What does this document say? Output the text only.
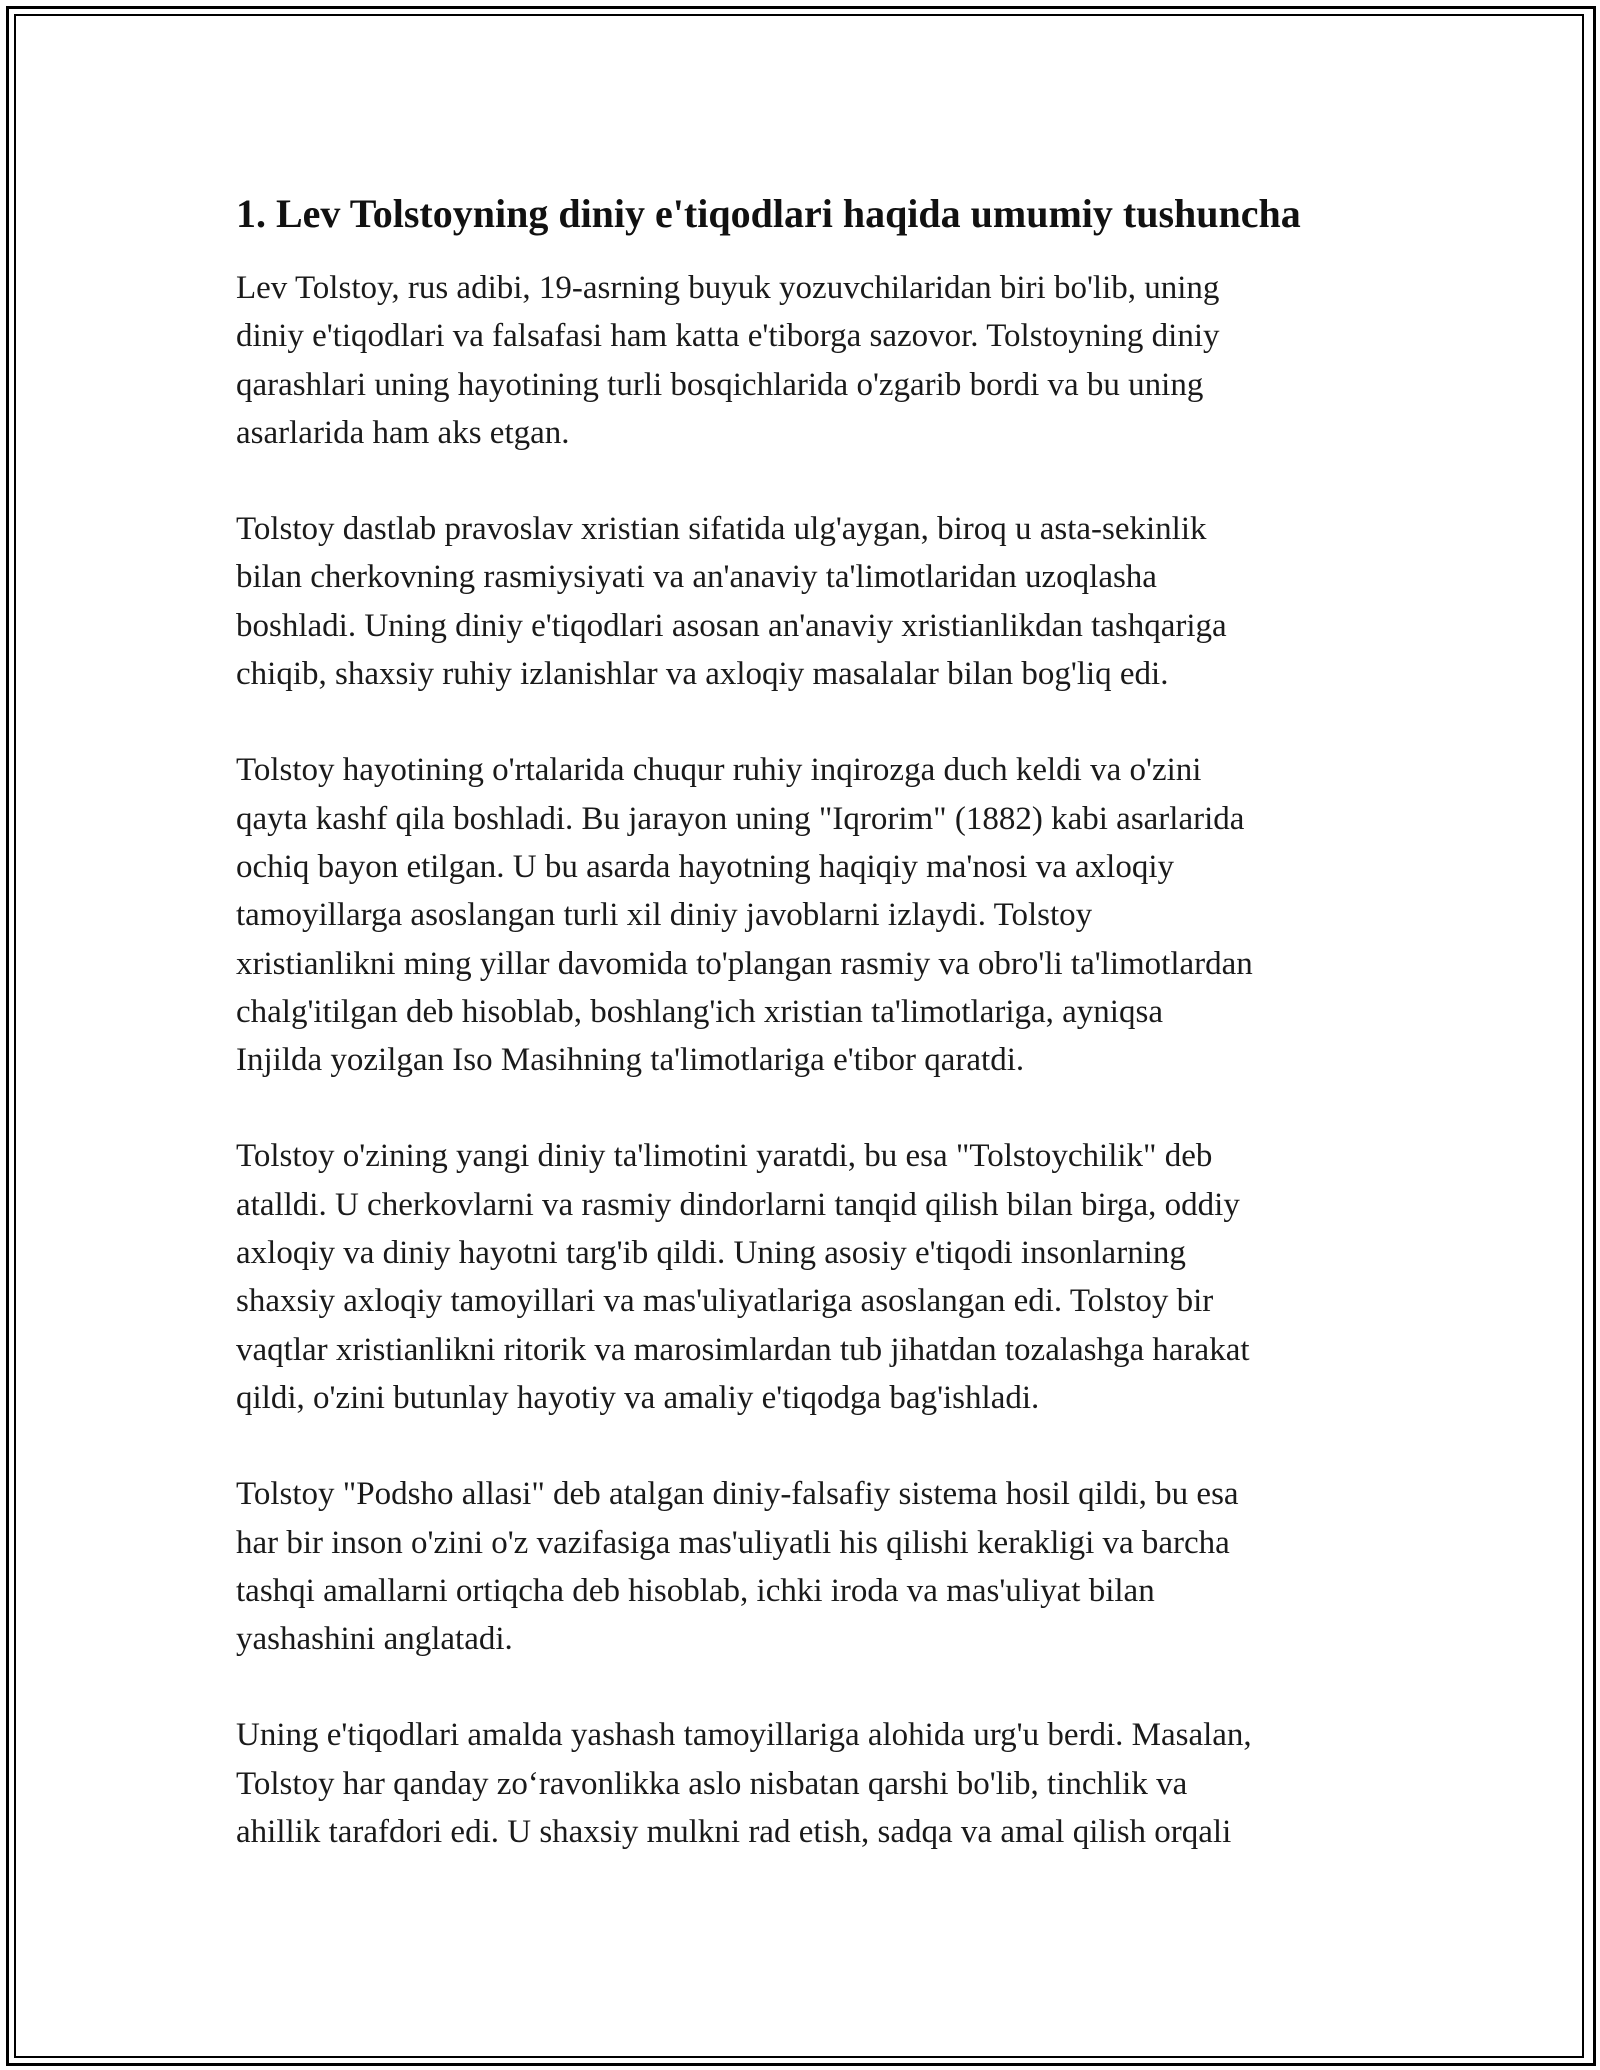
1. Lev Tolstoyning diniy e'tiqodlari haqida umumiy tushuncha

Lev Tolstoy, rus adibi, 19-asrning buyuk yozuvchilaridan biri bo'lib, uning
diniy e'tiqodlari va falsafasi ham katta e'tiborga sazovor. Tolstoyning diniy
qarashlari uning hayotining turli bosqichlarida o'zgarib bordi va bu uning
asarlarida ham aks etgan.

Tolstoy dastlab pravoslav xristian sifatida ulg'aygan, biroq u asta-sekinlik
bilan cherkovning rasmiysiyati va an'anaviy ta'limotlaridan uzoqlasha
boshladi. Uning diniy e'tiqodlari asosan an'anaviy xristianlikdan tashqariga
chiqib, shaxsiy ruhiy izlanishlar va axloqiy masalalar bilan bog'liq edi.

Tolstoy hayotining o'rtalarida chuqur ruhiy inqirozga duch keldi va o'zini
qayta kashf qila boshladi. Bu jarayon uning "Iqrorim" (1882) kabi asarlarida
ochiq bayon etilgan. U bu asarda hayotning haqiqiy ma'nosi va axloqiy
tamoyillarga asoslangan turli xil diniy javoblarni izlaydi. Tolstoy
xristianlikni ming yillar davomida to'plangan rasmiy va obro'li ta'limotlardan
chalg'itilgan deb hisoblab, boshlang'ich xristian ta'limotlariga, ayniqsa
Injilda yozilgan Iso Masihning ta'limotlariga e'tibor qaratdi.

Tolstoy o'zining yangi diniy ta'limotini yaratdi, bu esa "Tolstoychilik" deb
atalldi. U cherkovlarni va rasmiy dindorlarni tanqid qilish bilan birga, oddiy
axloqiy va diniy hayotni targ'ib qildi. Uning asosiy e'tiqodi insonlarning
shaxsiy axloqiy tamoyillari va mas'uliyatlariga asoslangan edi. Tolstoy bir
vaqtlar xristianlikni ritorik va marosimlardan tub jihatdan tozalashga harakat
qildi, o'zini butunlay hayotiy va amaliy e'tiqodga bag'ishladi.

Tolstoy "Podsho allasi" deb atalgan diniy-falsafiy sistema hosil qildi, bu esa
har bir inson o'zini o'z vazifasiga mas'uliyatli his qilishi kerakligi va barcha
tashqi amallarni ortiqcha deb hisoblab, ichki iroda va mas'uliyat bilan
yashashini anglatadi.

Uning e'tiqodlari amalda yashash tamoyillariga alohida urg'u berdi. Masalan,
Tolstoy har qanday zo‘ravonlikka aslo nisbatan qarshi bo'lib, tinchlik va
ahillik tarafdori edi. U shaxsiy mulkni rad etish, sadqa va amal qilish orqali
